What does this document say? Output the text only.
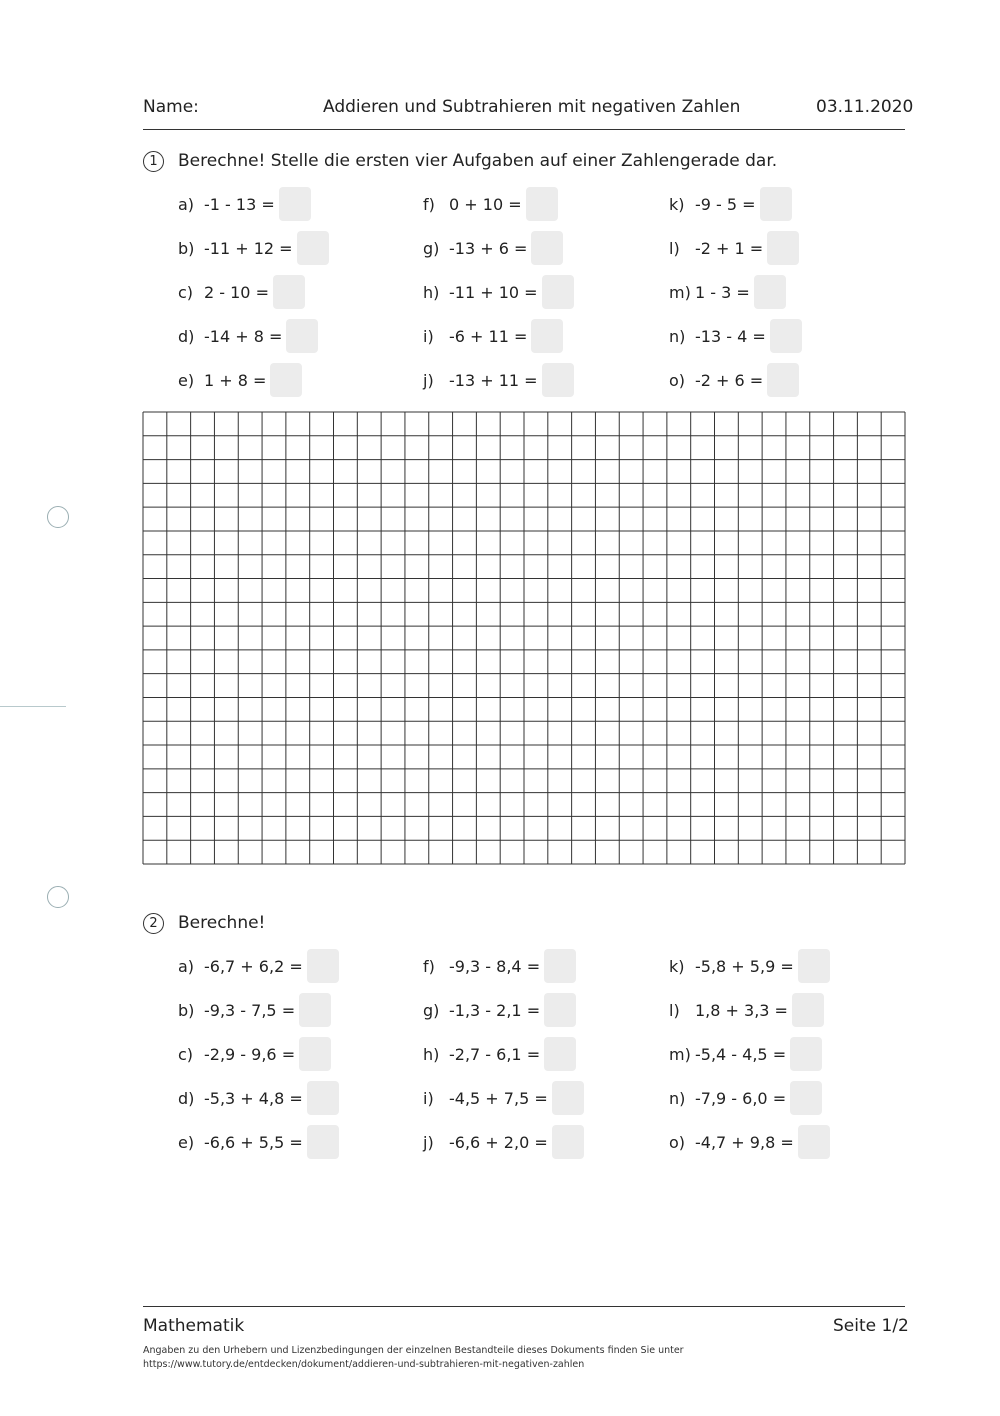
Name:	Addieren und Subtrahieren mit negativen Zahlen	03.11.2020
1	Berechne! Stelle die ersten vier Aufgaben auf einer Zahlengerade dar.
a) -1 - 13 =
b) -11 + 12 =
c) 2 - 10 =
d) -14 + 8 =
e) 1 + 8 =
f) 0 + 10 =
g) -13 + 6 =
h) -11 + 10 =
i) -6 + 11 =
j) -13 + 11 =
k) -9 - 5 =
l) -2 + 1 =
m) 1 - 3 =
n) -13 - 4 =
o) -2 + 6 =
2	Berechne!
a) -6,7 + 6,2 =
b) -9,3 - 7,5 =
c) -2,9 - 9,6 =
d) -5,3 + 4,8 =
e) -6,6 + 5,5 =
f) -9,3 - 8,4 =
g) -1,3 - 2,1 =
h) -2,7 - 6,1 =
i) -4,5 + 7,5 =
j) -6,6 + 2,0 =
k) -5,8 + 5,9 =
l) 1,8 + 3,3 =
m) -5,4 - 4,5 =
n) -7,9 - 6,0 =
o) -4,7 + 9,8 =
Mathematik	Seite 1/2
Angaben zu den Urhebern und Lizenzbedingungen der einzelnen Bestandteile dieses Dokuments finden Sie unter
https://www.tutory.de/entdecken/dokument/addieren-und-subtrahieren-mit-negativen-zahlen
